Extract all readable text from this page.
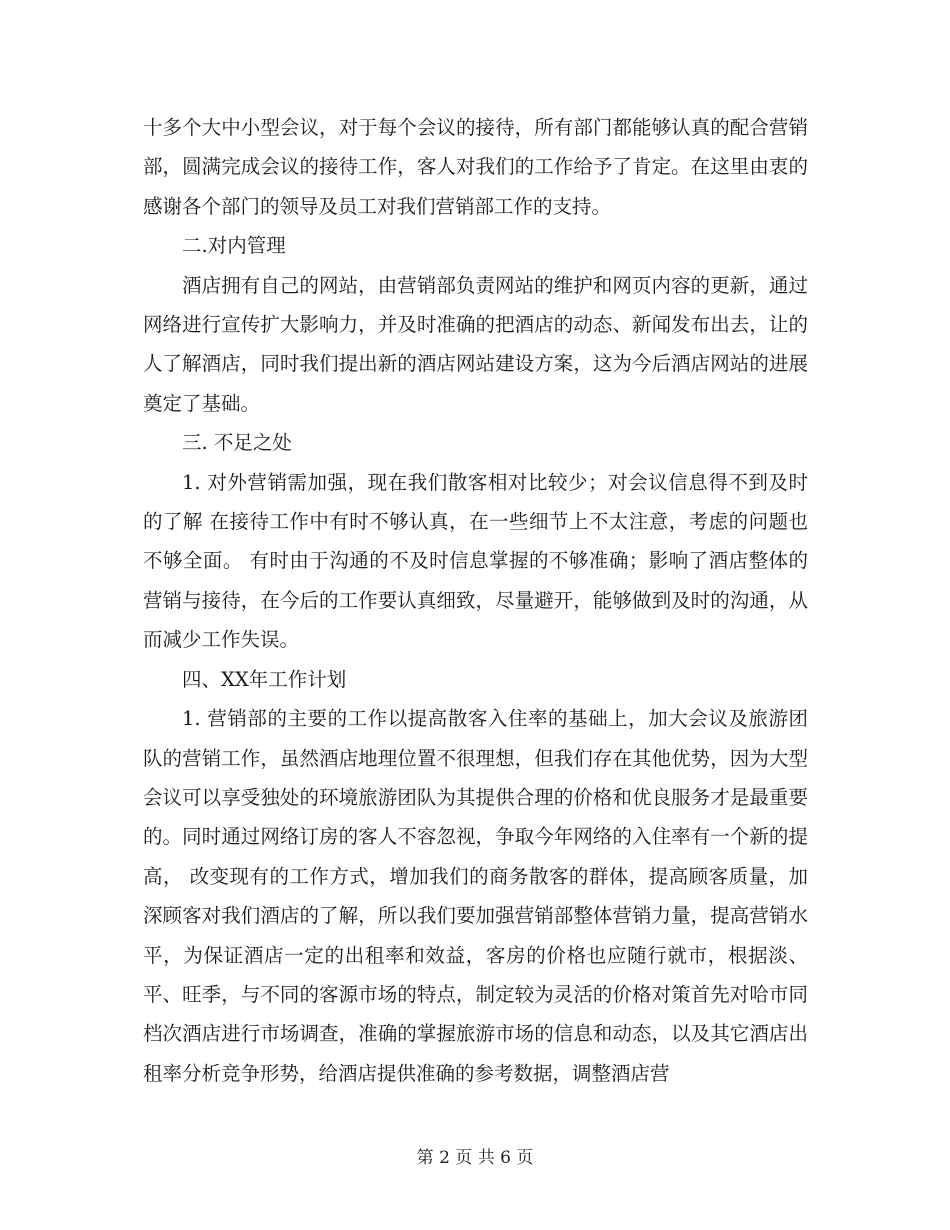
十多个大中小型会议，对于每个会议的接待，所有部门都能够认真的配合营销部，圆满完成会议的接待工作，客人对我们的工作给予了肯定。在这里由衷的感谢各个部门的领导及员工对我们营销部工作的支持。

二.对内管理

酒店拥有自己的网站，由营销部负责网站的维护和网页内容的更新，通过网络进行宣传扩大影响力，并及时准确的把酒店的动态、新闻发布出去，让的人了解酒店，同时我们提出新的酒店网站建设方案，这为今后酒店网站的进展奠定了基础。

三. 不足之处

1. 对外营销需加强，现在我们散客相对比较少；对会议信息得不到及时的了解 在接待工作中有时不够认真，在一些细节上不太注意，考虑的问题也不够全面。 有时由于沟通的不及时信息掌握的不够准确；影响了酒店整体的营销与接待，在今后的工作要认真细致，尽量避开，能够做到及时的沟通，从而减少工作失误。

四、XX年工作计划

1. 营销部的主要的工作以提高散客入住率的基础上，加大会议及旅游团队的营销工作，虽然酒店地理位置不很理想，但我们存在其他优势，因为大型会议可以享受独处的环境旅游团队为其提供合理的价格和优良服务才是最重要的。同时通过网络订房的客人不容忽视，争取今年网络的入住率有一个新的提高， 改变现有的工作方式，增加我们的商务散客的群体，提高顾客质量，加深顾客对我们酒店的了解，所以我们要加强营销部整体营销力量，提高营销水平，为保证酒店一定的出租率和效益，客房的价格也应随行就市，根据淡、平、旺季，与不同的客源市场的特点，制定较为灵活的价格对策首先对哈市同档次酒店进行市场调查，准确的掌握旅游市场的信息和动态，以及其它酒店出租率分析竞争形势，给酒店提供准确的参考数据，调整酒店营

第 2 页 共 6 页
